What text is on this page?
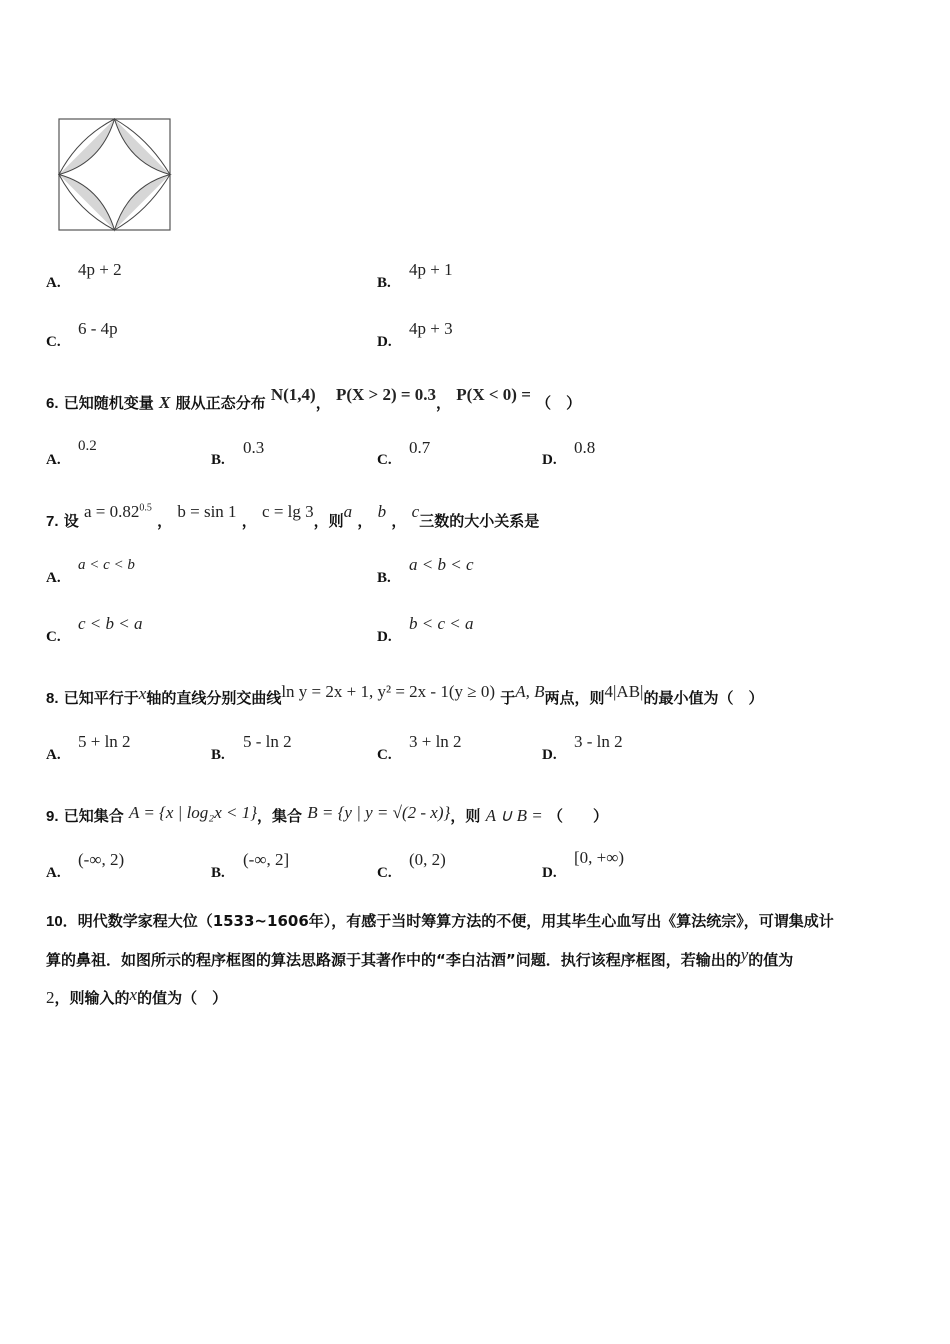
A.
4p + 2
B.
4p + 1
C.
6 - 4p
D.
4p + 3
6. 已知随机变量 X 服从正态分布 N(1,4)， P(X > 2) = 0.3， P(X < 0) = （　）
A.
0.2
B.
0.3
C.
0.7
D.
0.8
7. 设 $a = 0.82^{0.5}$ ， b = sin 1 ， c = lg 3，则a ， b ， c三数的大小关系是
A.
a < c < b
B.
a < b < c
C.
c < b < a
D.
b < c < a
8. 已知平行于x轴的直线分别交曲线ln y = 2x + 1, y² = 2x - 1(y ≥ 0) 于A, B两点，则4|AB|的最小值为（　）
A.
5 + ln 2
B.
5 - ln 2
C.
3 + ln 2
D.
3 - ln 2
9. 已知集合 A = {x | log₂x < 1}，集合 B = {y | y = √(2 - x)}，则 A ∪ B = （　　）
A.
(-∞, 2)
B.
(-∞, 2]
C.
(0, 2)
D.
[0, +∞)
10．明代数学家程大位（1533~1606年），有感于当时筹算方法的不便，用其毕生心血写出《算法统宗》，可谓集成计
算的鼻祖．如图所示的程序框图的算法思路源于其著作中的“李白沽酒”问题．执行该程序框图，若输出的y的值为
2，则输入的x的值为（　）
